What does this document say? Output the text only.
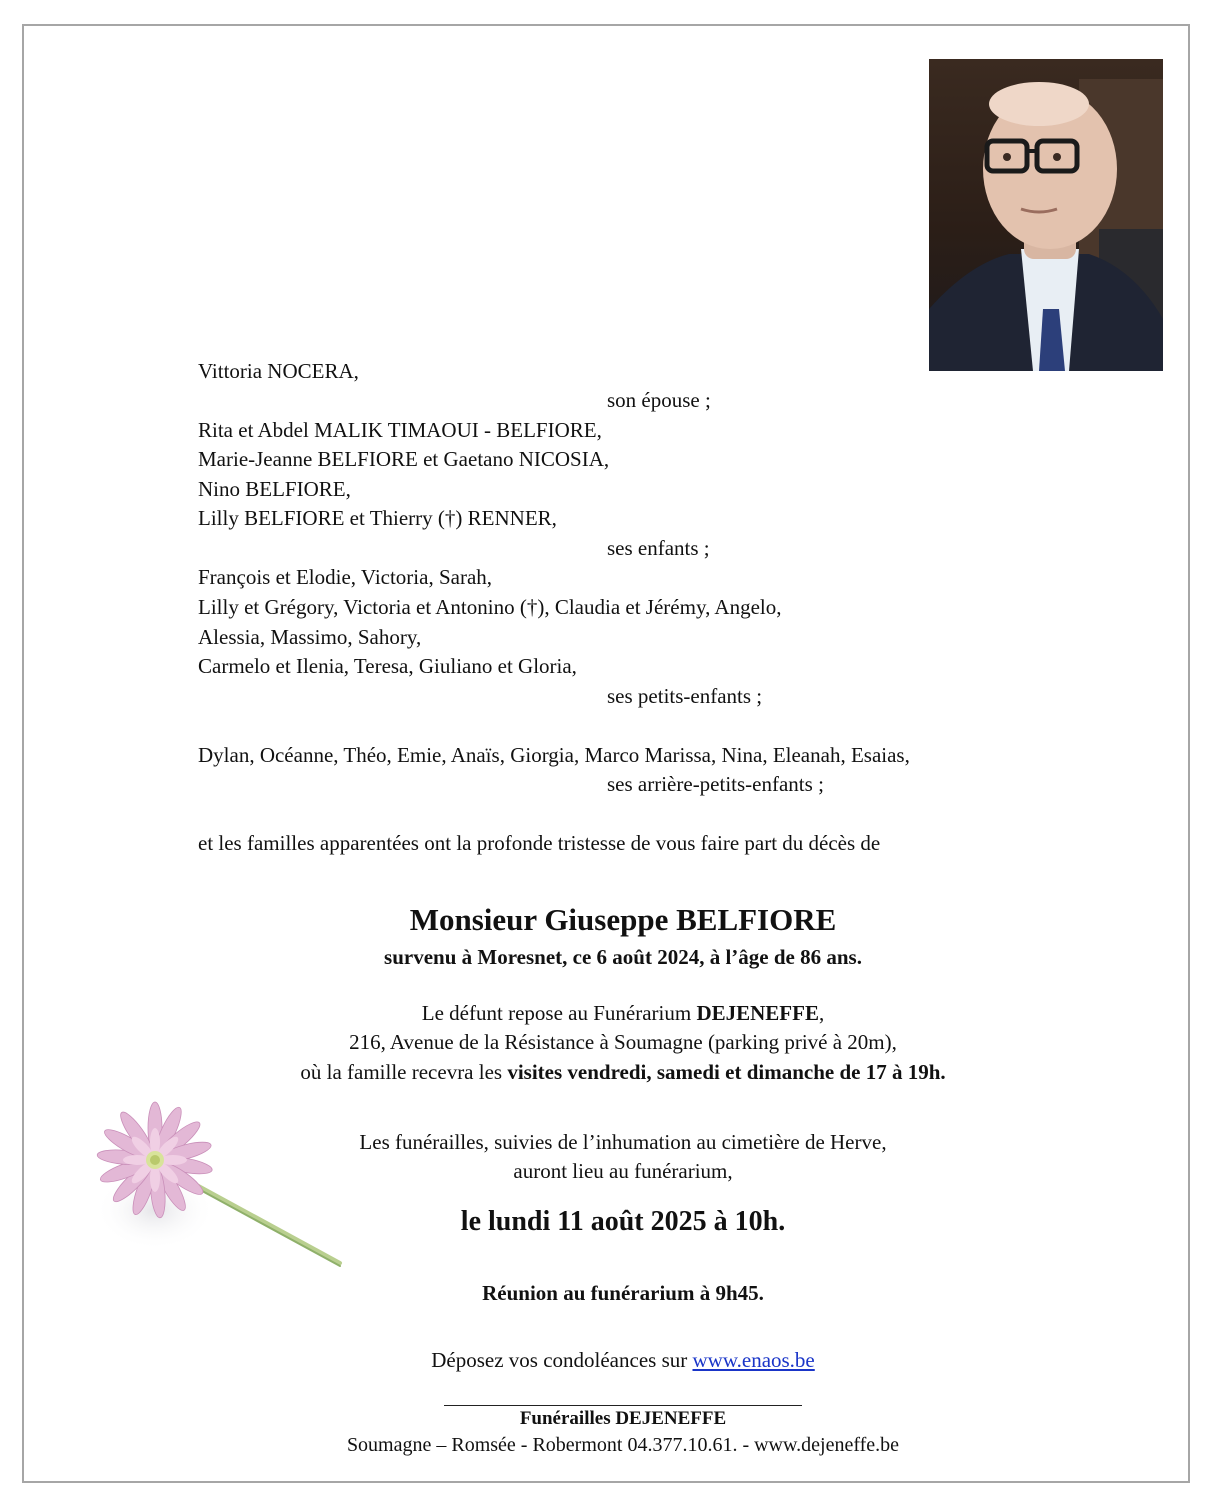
Vittoria NOCERA,
son épouse ;
Rita et Abdel MALIK TIMAOUI - BELFIORE,
Marie-Jeanne BELFIORE et Gaetano NICOSIA,
Nino BELFIORE,
Lilly BELFIORE et Thierry (†) RENNER,
ses enfants ;
François et Elodie, Victoria, Sarah,
Lilly et Grégory, Victoria et Antonino (†), Claudia et Jérémy, Angelo,
Alessia, Massimo, Sahory,
Carmelo et Ilenia, Teresa, Giuliano et Gloria,
ses petits-enfants ;
Dylan, Océanne, Théo, Emie, Anaïs, Giorgia, Marco Marissa, Nina, Eleanah, Esaias,
ses arrière-petits-enfants ;
et les familles apparentées ont la profonde tristesse de vous faire part du décès de
Monsieur Giuseppe BELFIORE
survenu à Moresnet, ce 6 août 2024, à l’âge de 86 ans.
Le défunt repose au Funérarium DEJENEFFE,
216, Avenue de la Résistance à Soumagne (parking privé à 20m),
où la famille recevra les visites vendredi, samedi et dimanche de 17 à 19h.
Les funérailles, suivies de l’inhumation au cimetière de Herve,
auront lieu au funérarium,
le lundi 11 août 2025 à 10h.
Réunion au funérarium à 9h45.
Déposez vos condoléances sur www.enaos.be
Funérailles DEJENEFFE
Soumagne – Romsée - Robermont 04.377.10.61. - www.dejeneffe.be
